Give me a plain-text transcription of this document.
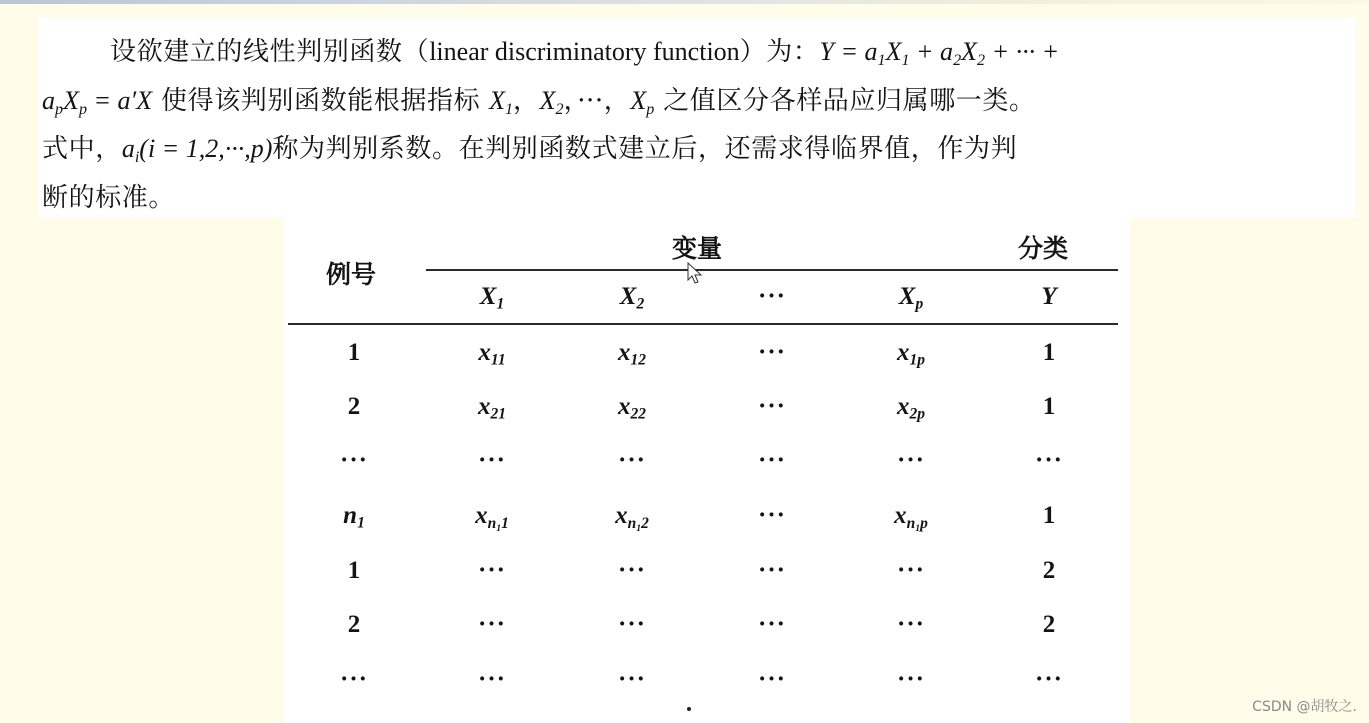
设欲建立的线性判别函数（linear discriminatory function）为：$Y = a_1X_1 + a_2X_2$ + ··· +
$a_pX_p = a'X$ 使得该判别函数能根据指标 $X_1$，$X_2$，···，$X_p$ 之值区分各样品应归属哪一类。
式中，$a_i(i = 1,2,\cdot\cdot\cdot,p)$称为判别系数。在判别函数式建立后，还需求得临界值，作为判
断的标准。
例号
变量	分类
$X_1$	$X_2$	···	$X_p$	Y
1	$x_{11}$	$x_{12}$	···	$x_{1p}$	1
2	$x_{21}$	$x_{22}$	···	$x_{2p}$	1
···	···	···	···	···	···
$n_1$	$x_{n_11}$	$x_{n_12}$	···	$x_{n_1p}$	1
1	···	···	···	···	2
2	···	···	···	···	2
···	···	···	···	···	···
CSDN @胡牧之.
